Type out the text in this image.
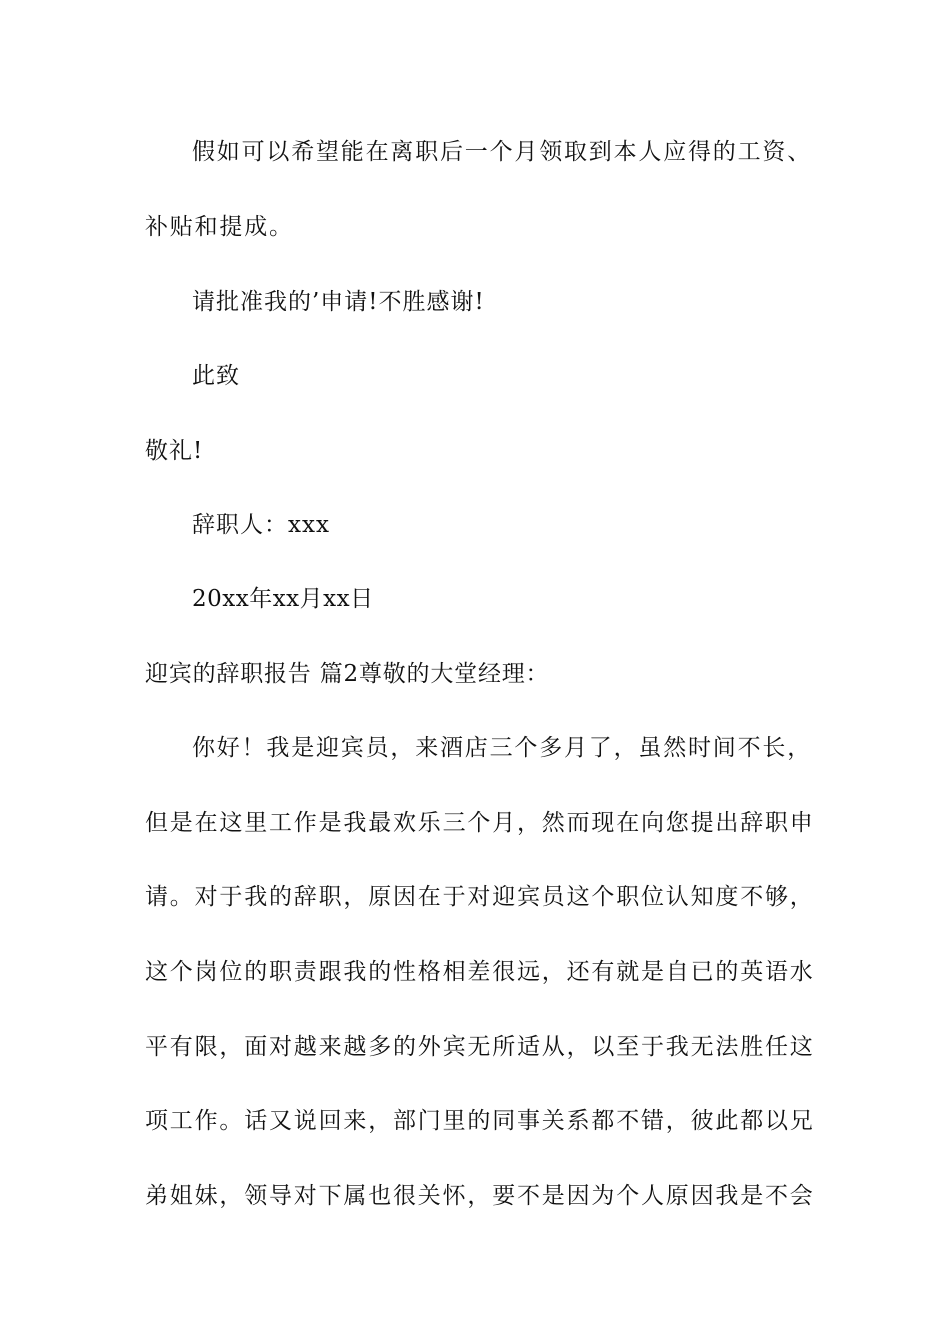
假如可以希望能在离职后一个月领取到本人应得的工资、

补贴和提成。

请批准我的’申请!不胜感谢!

此致

敬礼!

辞职人：xxx

20xx年xx月xx日

迎宾的辞职报告 篇2尊敬的大堂经理：

你好！我是迎宾员，来酒店三个多月了，虽然时间不长，

但是在这里工作是我最欢乐三个月，然而现在向您提出辞职申

请。对于我的辞职，原因在于对迎宾员这个职位认知度不够，

这个岗位的职责跟我的性格相差很远，还有就是自已的英语水

平有限，面对越来越多的外宾无所适从，以至于我无法胜任这

项工作。话又说回来，部门里的同事关系都不错，彼此都以兄

弟姐妹，领导对下属也很关怀，要不是因为个人原因我是不会
